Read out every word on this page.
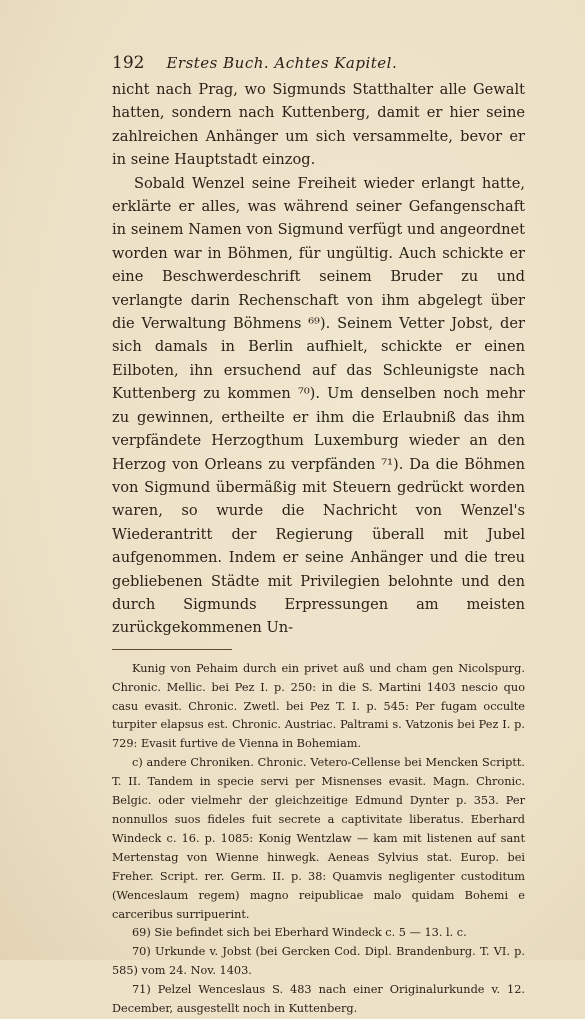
192 Erstes Buch. Achtes Kapitel.

nicht nach Prag, wo Sigmunds Statthalter alle Gewalt hatten, sondern nach Kuttenberg, damit er hier seine zahlreichen Anhänger um sich versammelte, bevor er in seine Hauptstadt einzog.

Sobald Wenzel seine Freiheit wieder erlangt hatte, erklärte er alles, was während seiner Gefangenschaft in seinem Namen von Sigmund verfügt und angeordnet worden war in Böhmen, für ungültig. Auch schickte er eine Beschwerdeschrift seinem Bruder zu und verlangte darin Rechenschaft von ihm abgelegt über die Verwaltung Böhmens ⁶⁹). Seinem Vetter Jobst, der sich damals in Berlin aufhielt, schickte er einen Eilboten, ihn ersuchend auf das Schleunigste nach Kuttenberg zu kommen ⁷⁰). Um denselben noch mehr zu gewinnen, ertheilte er ihm die Erlaubniß das ihm verpfändete Herzogthum Luxemburg wieder an den Herzog von Orleans zu verpfänden ⁷¹). Da die Böhmen von Sigmund übermäßig mit Steuern gedrückt worden waren, so wurde die Nachricht von Wenzel's Wiederantritt der Regierung überall mit Jubel aufgenommen. Indem er seine Anhänger und die treu gebliebenen Städte mit Privilegien belohnte und den durch Sigmunds Erpressungen am meisten zurückgekommenen Un-

Kunig von Pehaim durch ein privet auß und cham gen Nicolspurg. Chronic. Mellic. bei Pez I. p. 250: in die S. Martini 1403 nescio quo casu evasit. Chronic. Zwetl. bei Pez T. I. p. 545: Per fugam occulte turpiter elapsus est. Chronic. Austriac. Paltrami s. Vatzonis bei Pez I. p. 729: Evasit furtive de Vienna in Bohemiam.

c) andere Chroniken. Chronic. Vetero-Cellense bei Mencken Scriptt. T. II. Tandem in specie servi per Misnenses evasit. Magn. Chronic. Belgic. oder vielmehr der gleichzeitige Edmund Dynter p. 353. Per nonnullos suos fideles fuit secrete a captivitate liberatus. Eberhard Windeck c. 16. p. 1085: Konig Wentzlaw — kam mit listenen auf sant Mertenstag von Wienne hinwegk. Aeneas Sylvius stat. Europ. bei Freher. Script. rer. Germ. II. p. 38: Quamvis negligenter custoditum (Wenceslaum regem) magno reipublicae malo quidam Bohemi e carceribus surripuerint.

69) Sie befindet sich bei Eberhard Windeck c. 5 — 13. l. c.

70) Urkunde v. Jobst (bei Gercken Cod. Dipl. Brandenburg. T. VI. p. 585) vom 24. Nov. 1403.

71) Pelzel Wenceslaus S. 483 nach einer Originalurkunde v. 12. December, ausgestellt noch in Kuttenberg.
